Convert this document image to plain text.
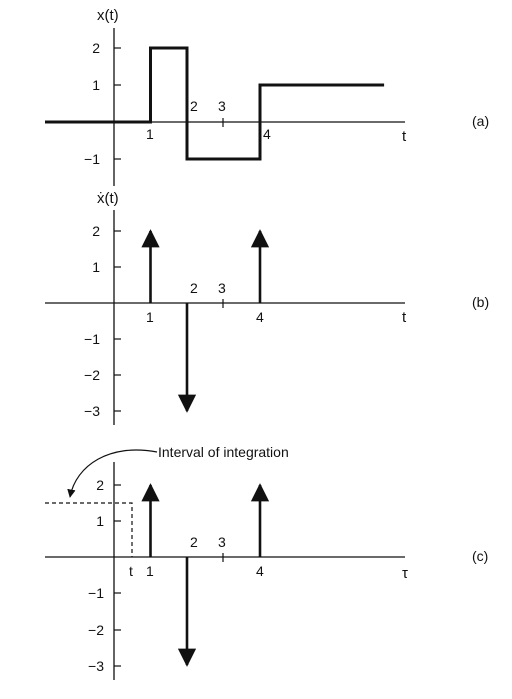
x(t)
t
(a)
2
1
−1
1
2 3
4
ẋ(t)
t
(b)
2
1
−1
−2
−3
1
2 3
4
τ
(c)
2
1
−1
−2
−3
1
2 3
4
t
Interval of integration
